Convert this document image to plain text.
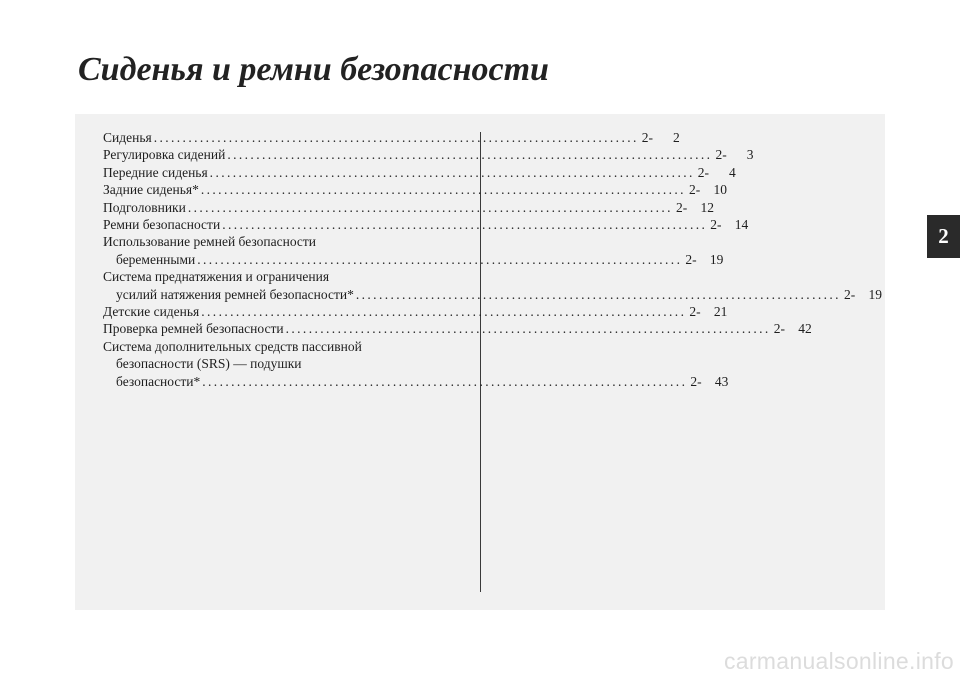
Сиденья и ремни безопасности
Сиденья .................................................................................... 2- 2
Регулировка сидений .................................................................................... 2- 3
Передние сиденья .................................................................................... 2- 4
Задние сиденья* .................................................................................... 2- 10
Подголовники .................................................................................... 2- 12
Ремни безопасности .................................................................................... 2- 14
Использование ремней безопасности
беременными .................................................................................... 2- 19
Система преднатяжения и ограничения
усилий натяжения ремней безопасности* .................................................................................... 2- 19
Детские сиденья .................................................................................... 2- 21
Проверка ремней безопасности .................................................................................... 2- 42
Система дополнительных средств пассивной
безопасности (SRS) — подушки
безопасности* .................................................................................... 2- 43
2
carmanualsonline.info
